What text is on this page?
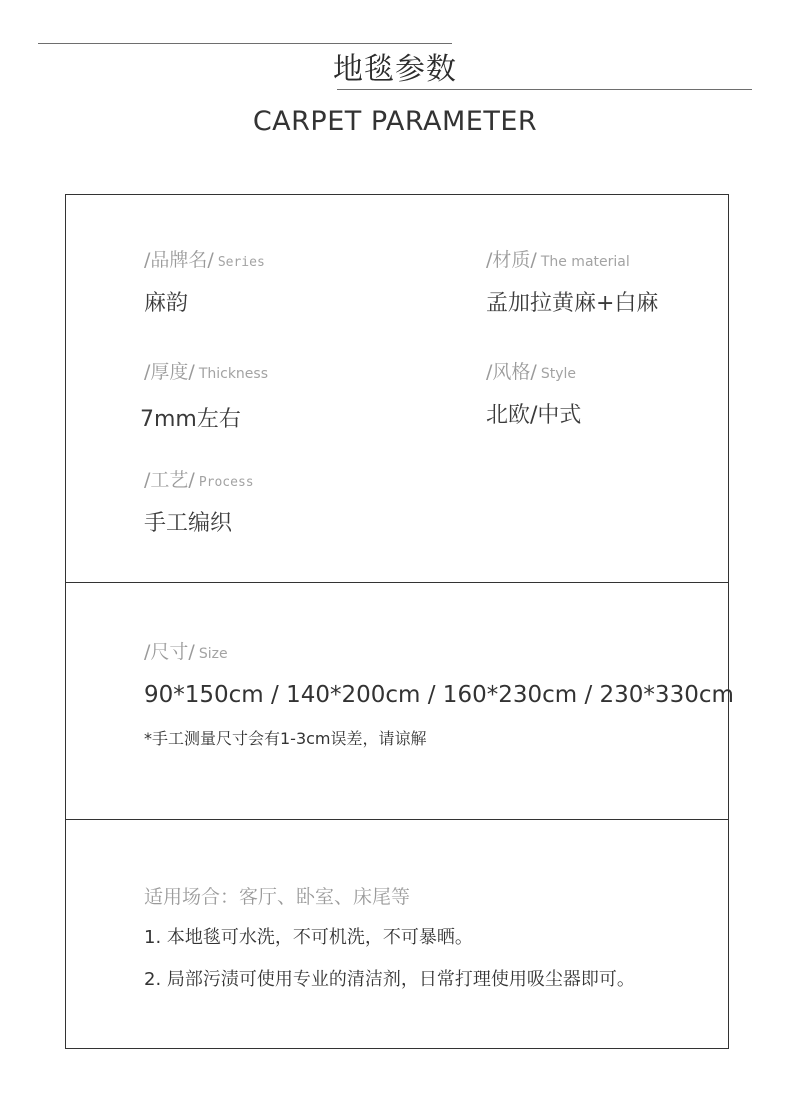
地毯参数
CARPET PARAMETER
/品牌名/ Series
麻韵
/材质/ The material
孟加拉黄麻+白麻
/厚度/ Thickness
7mm左右
/风格/ Style
北欧/中式
/工艺/ Process
手工编织
/尺寸/ Size
90*150cm / 140*200cm / 160*230cm / 230*330cm
*手工测量尺寸会有1-3cm误差，请谅解
适用场合：客厅、卧室、床尾等
1. 本地毯可水洗，不可机洗，不可暴晒。
2. 局部污渍可使用专业的清洁剂，日常打理使用吸尘器即可。
